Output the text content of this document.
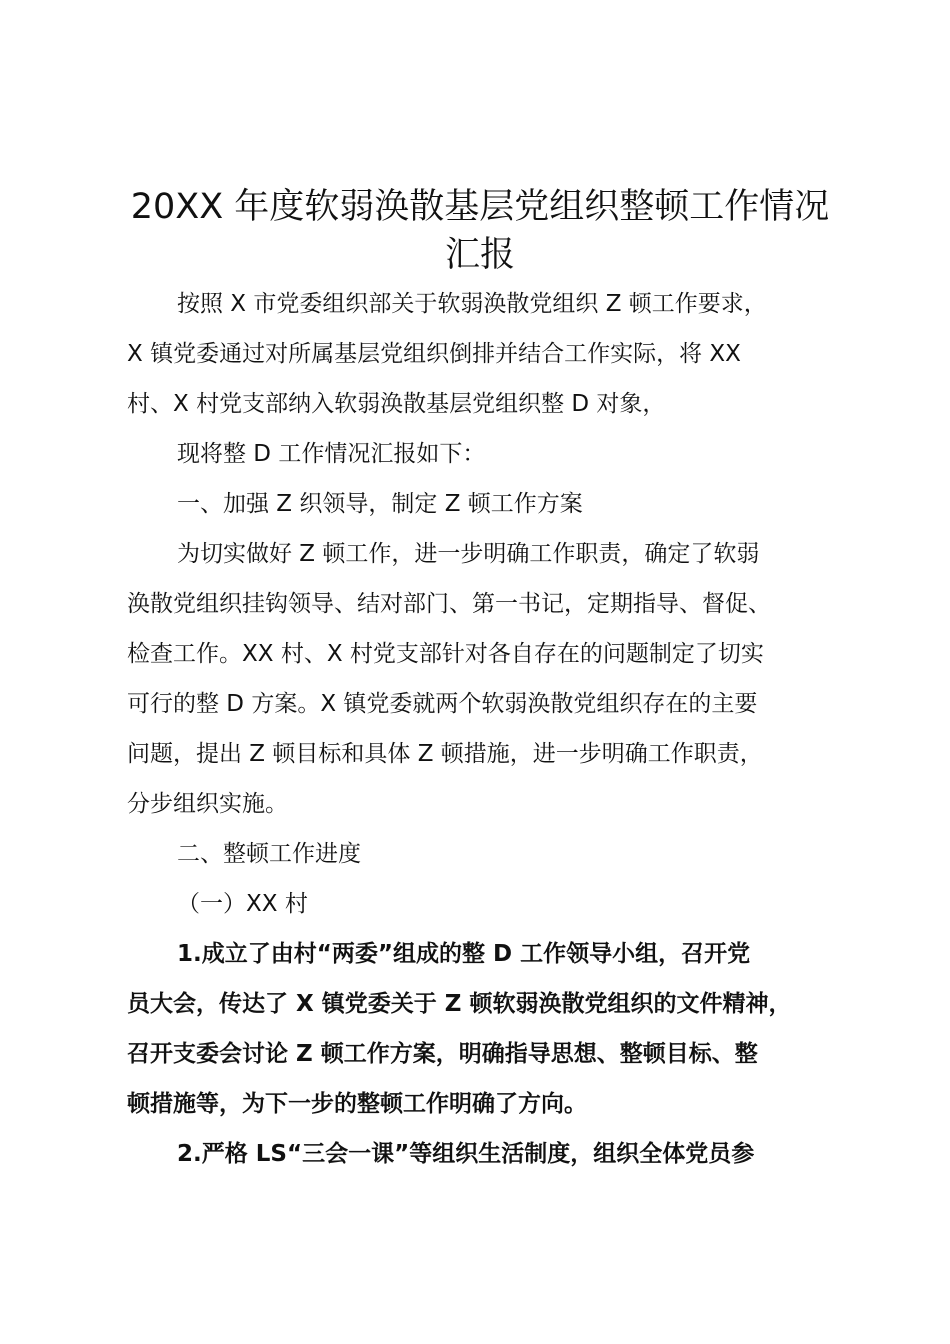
20XX 年度软弱涣散基层党组织整顿工作情况
汇报

按照 X 市党委组织部关于软弱涣散党组织 Z 顿工作要求，

X 镇党委通过对所属基层党组织倒排并结合工作实际，将 XX

村、X 村党支部纳入软弱涣散基层党组织整 D 对象，

现将整 D 工作情况汇报如下：

一、加强 Z 织领导，制定 Z 顿工作方案

为切实做好 Z 顿工作，进一步明确工作职责，确定了软弱

涣散党组织挂钩领导、结对部门、第一书记，定期指导、督促、

检查工作。XX 村、X 村党支部针对各自存在的问题制定了切实

可行的整 D 方案。X 镇党委就两个软弱涣散党组织存在的主要

问题，提出 Z 顿目标和具体 Z 顿措施，进一步明确工作职责，

分步组织实施。

二、整顿工作进度

（一）XX 村

1.成立了由村“两委”组成的整 D 工作领导小组，召开党

员大会，传达了 X 镇党委关于 Z 顿软弱涣散党组织的文件精神，

召开支委会讨论 Z 顿工作方案，明确指导思想、整顿目标、整

顿措施等，为下一步的整顿工作明确了方向。

2.严格 LS“三会一课”等组织生活制度，组织全体党员参
